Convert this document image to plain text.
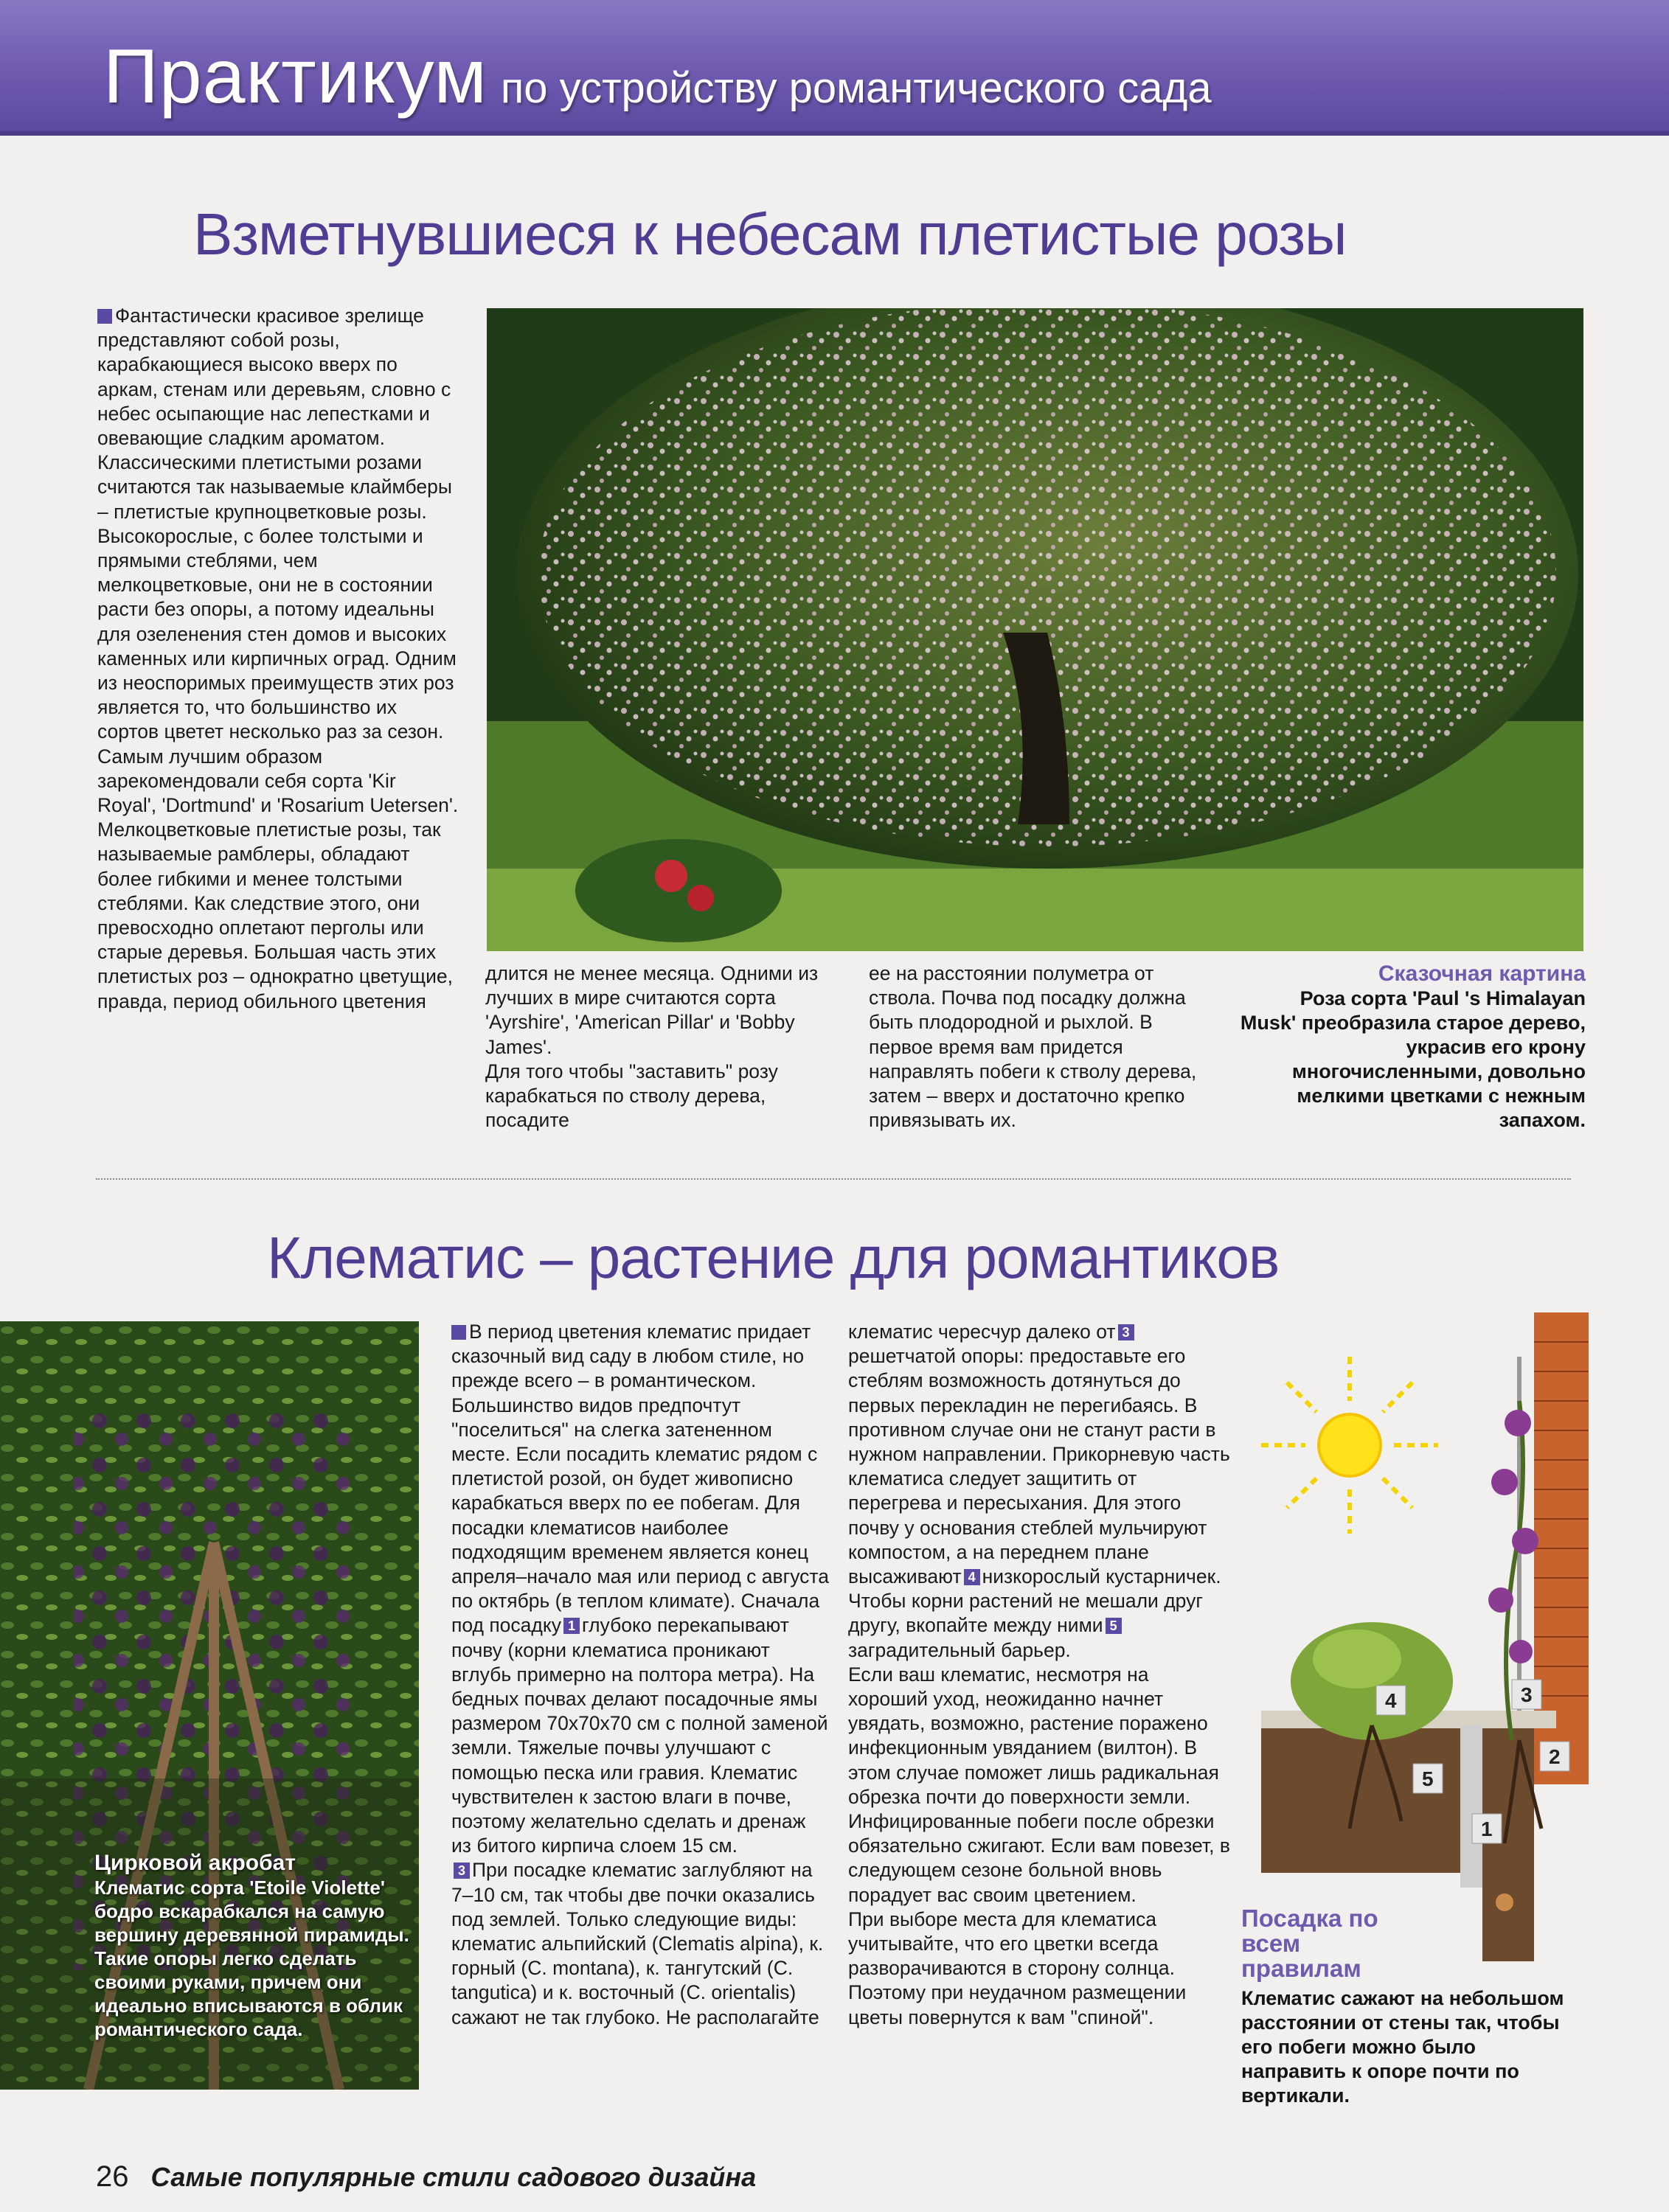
Практикум по устройству романтического сада
Взметнувшиеся к небесам плетистые розы

Фантастически красивое зрелище представляют собой розы, карабкающиеся высоко вверх по аркам, стенам или деревьям, словно с небес осыпающие нас лепестками и овевающие сладким ароматом. Классическими плетистыми розами считаются так называемые клаймберы – плетистые крупноцветковые розы. Высокорослые, с более толстыми и прямыми стеблями, чем мелкоцветковые, они не в состоянии расти без опоры, а потому идеальны для озеленения стен домов и высоких каменных или кирпичных оград. Одним из неоспоримых преимуществ этих роз является то, что большинство их сортов цветет несколько раз за сезон. Самым лучшим образом зарекомендовали себя сорта 'Kir Royal', 'Dortmund' и 'Rosarium Uetersen'.

Мелкоцветковые плетистые розы, так называемые рамблеры, обладают более гибкими и менее толстыми стеблями. Как следствие этого, они превосходно оплетают перголы или старые деревья. Большая часть этих плетистых роз – однократно цветущие, правда, период обильного цветения

длится не менее месяца. Одними из лучших в мире считаются сорта 'Ayrshire', 'American Pillar' и 'Bobby James'.

Для того чтобы "заставить" розу карабкаться по стволу дерева, посадите

ее на расстоянии полуметра от ствола. Почва под посадку должна быть плодородной и рыхлой. В первое время вам придется направлять побеги к стволу дерева, затем – вверх и достаточно крепко привязывать их.

Сказочная картина
Роза сорта 'Paul 's Himalayan Musk' преобразила старое дерево, украсив его крону многочисленными, довольно мелкими цветками с нежным запахом.
Клематис – растение для романтиков
Цирковой акробат
Клематис сорта 'Etoile Violette' бодро вскарабкался на самую вершину деревянной пирамиды. Такие опоры легко сделать своими руками, причем они идеально вписываются в облик романтического сада.

В период цветения клематис придает сказочный вид саду в любом стиле, но прежде всего – в романтическом. Большинство видов предпочтут "поселиться" на слегка затененном месте. Если посадить клематис рядом с плетистой розой, он будет живописно карабкаться вверх по ее побегам. Для посадки клематисов наиболее подходящим временем является конец апреля–начало мая или период с августа по октябрь (в теплом климате). Сначала под посадку 1 глубоко перекапывают почву (корни клематиса проникают вглубь примерно на полтора метра). На бедных почвах делают посадочные ямы размером 70х70х70 см с полной заменой земли. Тяжелые почвы улучшают с помощью песка или гравия. Клематис чувствителен к застою влаги в почве, поэтому желательно сделать и дренаж из битого кирпича слоем 15 см.

3 При посадке клематис заглубляют на 7–10 см, так чтобы две почки оказались под землей. Только следующие виды: клематис альпийский (Clematis alpina), к. горный (C. montana), к. тангутский (C. tangutica) и к. восточный (C. orientalis) сажают не так глубоко. Не располагайте

клематис чересчур далеко от 3решетчатой опоры: предоставьте его стеблям возможность дотянуться до первых перекладин не перегибаясь. В противном случае они не станут расти в нужном направлении. Прикорневую часть клематиса следует защитить от перегрева и пересыхания. Для этого почву у основания стеблей мульчируют компостом, а на переднем плане высаживают 4 низкорослый кустарничек. Чтобы корни растений не мешали друг другу, вкопайте между ними 5заградительный барьер.

Если ваш клематис, несмотря на хороший уход, неожиданно начнет увядать, возможно, растение поражено инфекционным увяданием (вилтон). В этом случае поможет лишь радикальная обрезка почти до поверхности земли. Инфицированные побеги после обрезки обязательно сжигают. Если вам повезет, в следующем сезоне больной вновь порадует вас своим цветением.

При выборе места для клематиса учитывайте, что его цветки всегда разворачиваются в сторону солнца. Поэтому при неудачном размещении цветы повернутся к вам "спиной".

1
2
3
4
5
Посадка по всем правилам
Клематис сажают на небольшом расстоянии от стены так, чтобы его побеги можно было направить к опоре почти по вертикали.
26 Самые популярные стили садового дизайна
